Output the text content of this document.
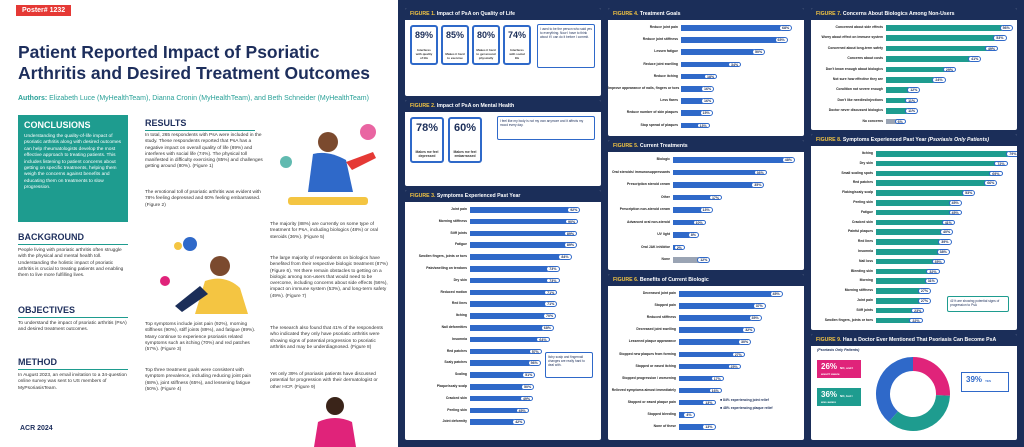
Poster# 1232
Patient Reported Impact of Psoriatic Arthritis and Desired Treatment Outcomes
Authors: Elizabeth Luce (MyHealthTeam), Dianna Cronin (MyHealthTeam), and Beth Schneider (MyHealthTeam)
CONCLUSIONS

Understanding the quality-of-life impact of psoriatic arthritis along with desired outcomes can help rheumatologists develop the most effective approach to treating patients. This includes listening to patient concerns about getting on specific treatments, helping them weigh the concerns against benefits and educating them on treatments to slow progression.

BACKGROUND
People living with psoriatic arthritis often struggle with the physical and mental health toll. Understanding the holistic impact of psoriatic arthritis is crucial to treating patients and enabling them to live more fulfilling lives.
OBJECTIVES
To understand the impact of psoriatic arthritis (PsA) and desired treatment outcomes.
METHOD
In August 2023, an email invitation to a 34-question online survey was sent to US members of MyPsoriasisTeam.
ACR 2024
RESULTS
In total, 265 respondents with PsA were included in the study. These respondents reported that PsA has a negative impact on overall quality of life (89%) and interferes with social life (74%). The physical toll manifested in difficulty exercising (85%) and challenges getting around (80%). (Figure 1)
The emotional toll of psoriatic arthritis was evident with 78% feeling depressed and 60% feeling embarrassed. (Figure 2)
Top symptoms include joint pain (92%), morning stiffness (90%), stiff joints (89%), and fatigue (89%). Many continue to experience psoriasis related symptoms such as itching (70%) and red patches (57%). (Figure 3)
Top three treatment goals were consistent with symptom prevalence, including reducing joint pain (68%), joint stiffness (65%), and lessening fatigue (50%). (Figure 4)
The majority (88%) are currently on some type of treatment for PsA, including biologics (48%) or oral steroids (36%). (Figure 5)
The large majority of respondents on biologics have benefited from their respective biologic treatment (87%) (Figure 6). Yet there remain obstacles to getting on a biologic among non-users that would need to be overcome, including concerns about side effects (56%), impact on immune system (53%), and long-term safety (49%). (Figure 7)
The research also found that 41% of the respondents who indicated they only have psoriatic arthritis were showing signs of potential progression to psoriatic arthritis and may be underdiagnosed. (Figure 8)
Yet only 39% of psoriasis patients have discussed potential for progression with their dermatologist or other HCP. (Figure 9)
FIGURE 1. Impact of PsA on Quality of Life
89%
Interferes with quality of life
85%
Makes it hard to exercise
80%
Makes it hard to get around physically
74%
Interferes with social life
I used to be the person who said yes to everything. Now I have to think about if I can do it before I commit.
FIGURE 2. Impact of PsA on Mental Health
78%
Makes me feel depressed
60%
Makes me feel embarrassed
I feel like my body is not my own anymore and it affects my mood every day.
FIGURE 3. Symptoms Experienced Past Year
Joint pain	92%
Morning stiffness	90%
Stiff joints	89%
Fatigue	89%
Swollen fingers, joints or toes	84%
Pain/swelling on tendons	73%
Dry skin	73%
Reduced motion	71%
Red lines	71%
Itching	70%
Nail deformities	68%
Insomnia	64%
Red patches	57%
Scaly patches	56%
Scaling	51%
Plaque/scaly scalp	50%
Cracked skin	49%
Peeling skin	45%
Joint deformity	42%
Itchy scalp and fingernail changes are really hard to deal with.
FIGURE 4. Treatment Goals
Reduce joint pain	68%
Reduce joint stiffness	65%
Lessen fatigue	50%
Reduce joint swelling	34%
Reduce itching	18%
Improve appearance of nails, fingers or toes	16%
Less flares	16%
Reduce number of skin plaques	15%
Stop spread of plaques	13%
FIGURE 5. Current Treatments
Biologic	48%
Oral steroids/ immunosuppressants	36%
Prescription steroid cream	35%
Other	17%
Prescription non-steroid cream	13%
Advanced oral non-steroid	10%
UV light	8%
Oral JAK inhibitor	2%
None	12%
FIGURE 6. Benefits of Current Biologic
Decreased joint pain	45%
Stopped pain	37%
Reduced stiffness	35%
Decreased joint swelling	32%
Lessened plaque appearance	30%
Stopped new plaques from forming	27%
Stopped or eased itching	25%
Stopped progression / worsening	17%
Relieved symptoms almost immediately	16%
Stopped or eased plaque pain	13%
Stopped bleeding	4%
None of these	13%
■ 84% experiencing joint relief
■ 48% experiencing plaque relief
FIGURE 7. Concerns About Biologics Among Non-Users
Concerned about side effects	56%
Worry about effect on immune system	53%
Concerned about long-term safety	49%
Concerns about costs	41%
Don't know enough about biologics	29%
Not sure how effective they are	24%
Condition not severe enough	12%
Don't like needles/injections	11%
Doctor never discussed biologics	11%
No concerns	6%
FIGURE 8. Symptoms Experienced Past Year (Psoriasis Only Patients)
Itching	79%
Dry skin	72%
Small scaling spots	69%
Red patches	66%
Flaking/scaly scalp	53%
Peeling skin	45%
Fatigue	45%
Cracked skin	41%
Painful plaques	40%
Red lines	39%
Insomnia	38%
Nail loss	35%
Bleeding skin	32%
Morning	31%
Morning stiffness	27%
Joint pain	27%
Stiff joints	23%
Swollen fingers, joints or toes	22%
41% are showing potential signs of progression to PsA
FIGURE 9. Has a Doctor Ever Mentioned That Psoriasis Can Become PsA
(Psoriasis Only Patients)
26% NO, and I wasn't aware
36% NO, but I was aware
39% YES
